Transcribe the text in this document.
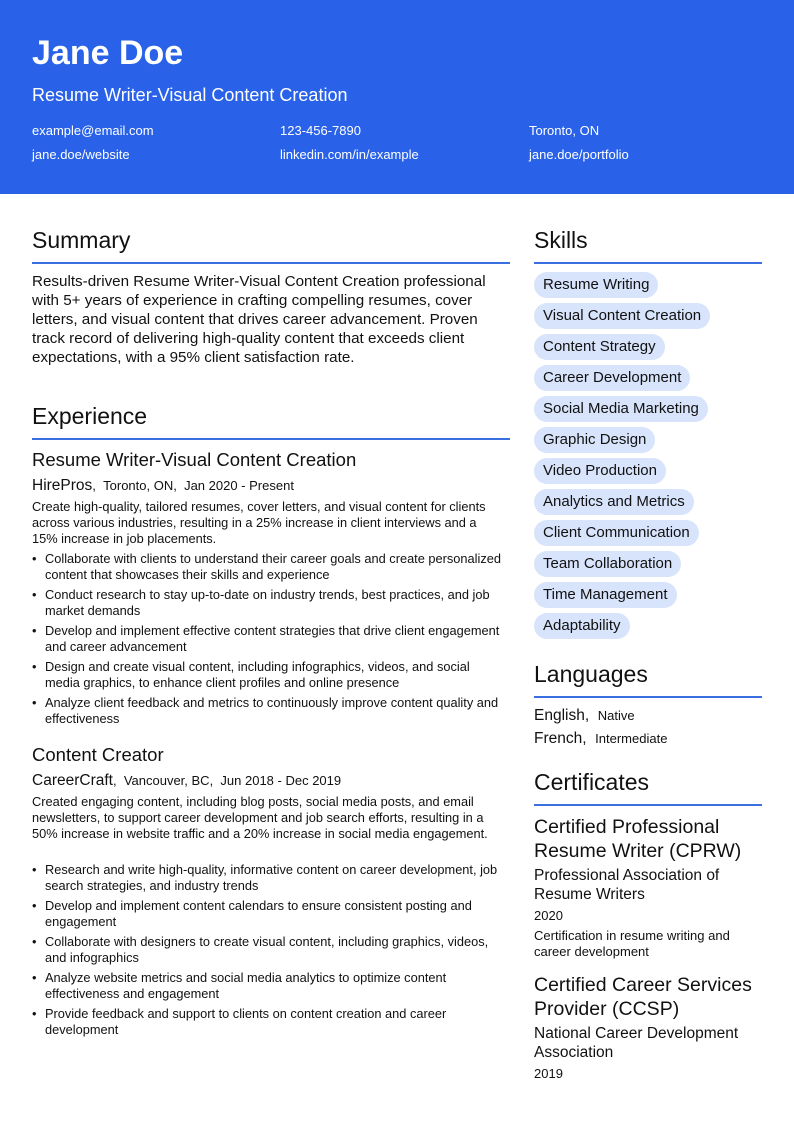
Jane Doe
Resume Writer-Visual Content Creation
example@email.com	123-456-7890	Toronto, ON
jane.doe/website	linkedin.com/in/example	jane.doe/portfolio
Summary
Results-driven Resume Writer-Visual Content Creation professional with 5+ years of experience in crafting compelling resumes, cover letters, and visual content that drives career advancement. Proven track record of delivering high-quality content that exceeds client expectations, with a 95% client satisfaction rate.
Experience
Resume Writer-Visual Content Creation
HirePros,  Toronto, ON,  Jan 2020 - Present
Create high-quality, tailored resumes, cover letters, and visual content for clients across various industries, resulting in a 25% increase in client interviews and a 15% increase in job placements.
• Collaborate with clients to understand their career goals and create personalized content that showcases their skills and experience
• Conduct research to stay up-to-date on industry trends, best practices, and job market demands
• Develop and implement effective content strategies that drive client engagement and career advancement
• Design and create visual content, including infographics, videos, and social media graphics, to enhance client profiles and online presence
• Analyze client feedback and metrics to continuously improve content quality and effectiveness
Content Creator
CareerCraft,  Vancouver, BC,  Jun 2018 - Dec 2019
Created engaging content, including blog posts, social media posts, and email newsletters, to support career development and job search efforts, resulting in a 50% increase in website traffic and a 20% increase in social media engagement.
• Research and write high-quality, informative content on career development, job search strategies, and industry trends
• Develop and implement content calendars to ensure consistent posting and engagement
• Collaborate with designers to create visual content, including graphics, videos, and infographics
• Analyze website metrics and social media analytics to optimize content effectiveness and engagement
• Provide feedback and support to clients on content creation and career development
Skills
Resume Writing
Visual Content Creation
Content Strategy
Career Development
Social Media Marketing
Graphic Design
Video Production
Analytics and Metrics
Client Communication
Team Collaboration
Time Management
Adaptability
Languages
English,  Native
French,  Intermediate
Certificates
Certified Professional Resume Writer (CPRW)
Professional Association of Resume Writers
2020
Certification in resume writing and career development
Certified Career Services Provider (CCSP)
National Career Development Association
2019
